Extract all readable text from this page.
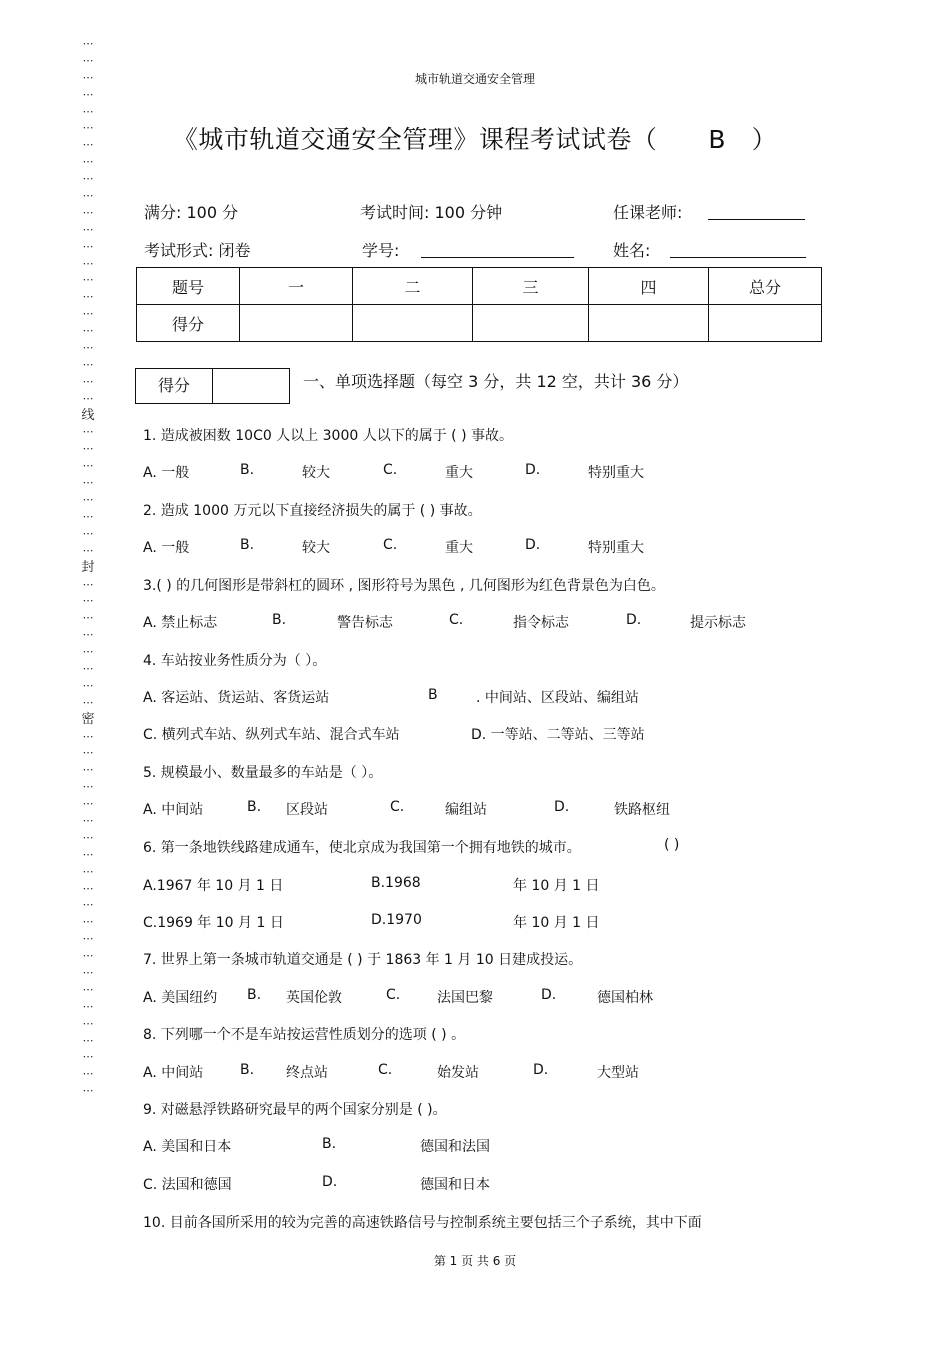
⋯
⋯
⋯
⋯
⋯
⋯
⋯
⋯
⋯
⋯
⋯
⋯
⋯
⋯
⋯
⋯
⋯
⋯
⋯
⋯
⋯
⋯
线
⋯
⋯
⋯
⋯
⋯
⋯
⋯
⋯
封
⋯
⋯
⋯
⋯
⋯
⋯
⋯
⋯
密
⋯
⋯
⋯
⋯
⋯
⋯
⋯
⋯
⋯
⋯
⋯
⋯
⋯
⋯
⋯
⋯
⋯
⋯
⋯
⋯
⋯
⋯
城市轨道交通安全管理
《城市轨道交通安全管理》课程考试试卷（　　B　）
满分: 100 分	考试时间: 100 分钟	任课老师:
考试形式: 闭卷	学号:	姓名:
题号	一	二	三	四	总分
得分					
得分	一、单项选择题（每空 3 分，共 12 空，共计 36 分）
1. 造成被困数 10C0 人以上 3000 人以下的属于 ( ) 事故。
A. 一般	B.	较大	C.	重大	D.	特别重大
2. 造成 1000 万元以下直接经济损失的属于 ( ) 事故。
A. 一般	B.	较大	C.	重大	D.	特别重大
3.( ) 的几何图形是带斜杠的圆环 , 图形符号为黑色 , 几何图形为红色背景色为白色。
A. 禁止标志	B.	警告标志	C.	指令标志	D.	提示标志
4. 车站按业务性质分为（ ）。
A. 客运站、货运站、客货运站	B	. 中间站、区段站、编组站
C. 横列式车站、纵列式车站、混合式车站	D. 一等站、二等站、三等站
5. 规模最小、数量最多的车站是（ ）。
A. 中间站	B. 区段站	C.	编组站	D.	铁路枢纽
6. 第一条地铁线路建成通车，使北京成为我国第一个拥有地铁的城市。	( )
A.1967 年 10 月 1 日	B.1968	年 10 月 1 日
C.1969 年 10 月 1 日	D.1970	年 10 月 1 日
7. 世界上第一条城市轨道交通是 ( ) 于 1863 年 1 月 10 日建成投运。
A. 美国纽约 B. 英国伦敦	C.	法国巴黎	D.	德国柏林
8. 下列哪一个不是车站按运营性质划分的选项 ( ) 。
A. 中间站	B. 终点站	C.	始发站	D.	大型站
9. 对磁悬浮铁路研究最早的两个国家分别是 ( )。
A. 美国和日本	B.	德国和法国
C. 法国和德国	D.	德国和日本
10. 目前各国所采用的较为完善的高速铁路信号与控制系统主要包括三个子系统，其中下面
第 1 页 共 6 页
